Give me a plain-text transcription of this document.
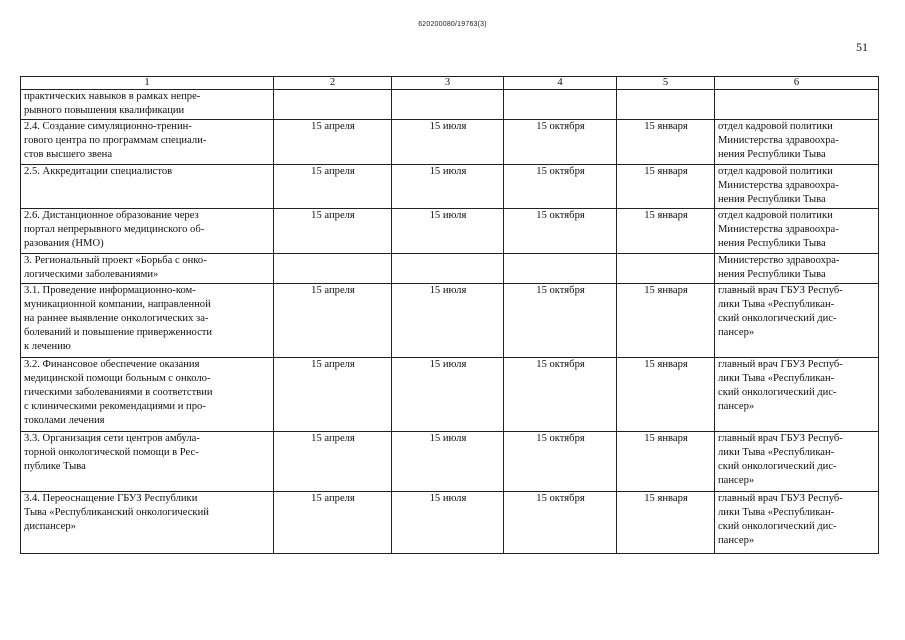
620200080/19763(3)
51
1	2	3	4	5	6
практических навыков в рамках непре-
рывного повышения квалификации					
2.4. Создание симуляционно-тренин-
гового центра по программам специали-
стов высшего звена	15 апреля	15 июля	15 октября	15 января	отдел кадровой политики
Министерства здравоохра-
нения Республики Тыва
2.5. Аккредитации специалистов	15 апреля	15 июля	15 октября	15 января	отдел кадровой политики
Министерства здравоохра-
нения Республики Тыва
2.6. Дистанционное образование через
портал непрерывного медицинского об-
разования (НМО)	15 апреля	15 июля	15 октября	15 января	отдел кадровой политики
Министерства здравоохра-
нения Республики Тыва
3. Региональный проект «Борьба с онко-
логическими заболеваниями»					Министерство здравоохра-
нения Республики Тыва
3.1. Проведение информационно-ком-
муникационной компании, направленной
на раннее выявление онкологических за-
болеваний и повышение приверженности
к лечению	15 апреля	15 июля	15 октября	15 января	главный врач ГБУЗ Респуб-
лики Тыва «Республикан-
ский онкологический дис-
пансер»
3.2. Финансовое обеспечение оказания
медицинской помощи больным с онколо-
гическими заболеваниями в соответствии
с клиническими рекомендациями и про-
токолами лечения	15 апреля	15 июля	15 октября	15 января	главный врач ГБУЗ Респуб-
лики Тыва «Республикан-
ский онкологический дис-
пансер»
3.3. Организация сети центров амбула-
торной онкологической помощи в Рес-
публике Тыва	15 апреля	15 июля	15 октября	15 января	главный врач ГБУЗ Респуб-
лики Тыва «Республикан-
ский онкологический дис-
пансер»
3.4. Переоснащение ГБУЗ Республики
Тыва «Республиканский онкологический
диспансер»	15 апреля	15 июля	15 октября	15 января	главный врач ГБУЗ Респуб-
лики Тыва «Республикан-
ский онкологический дис-
пансер»
